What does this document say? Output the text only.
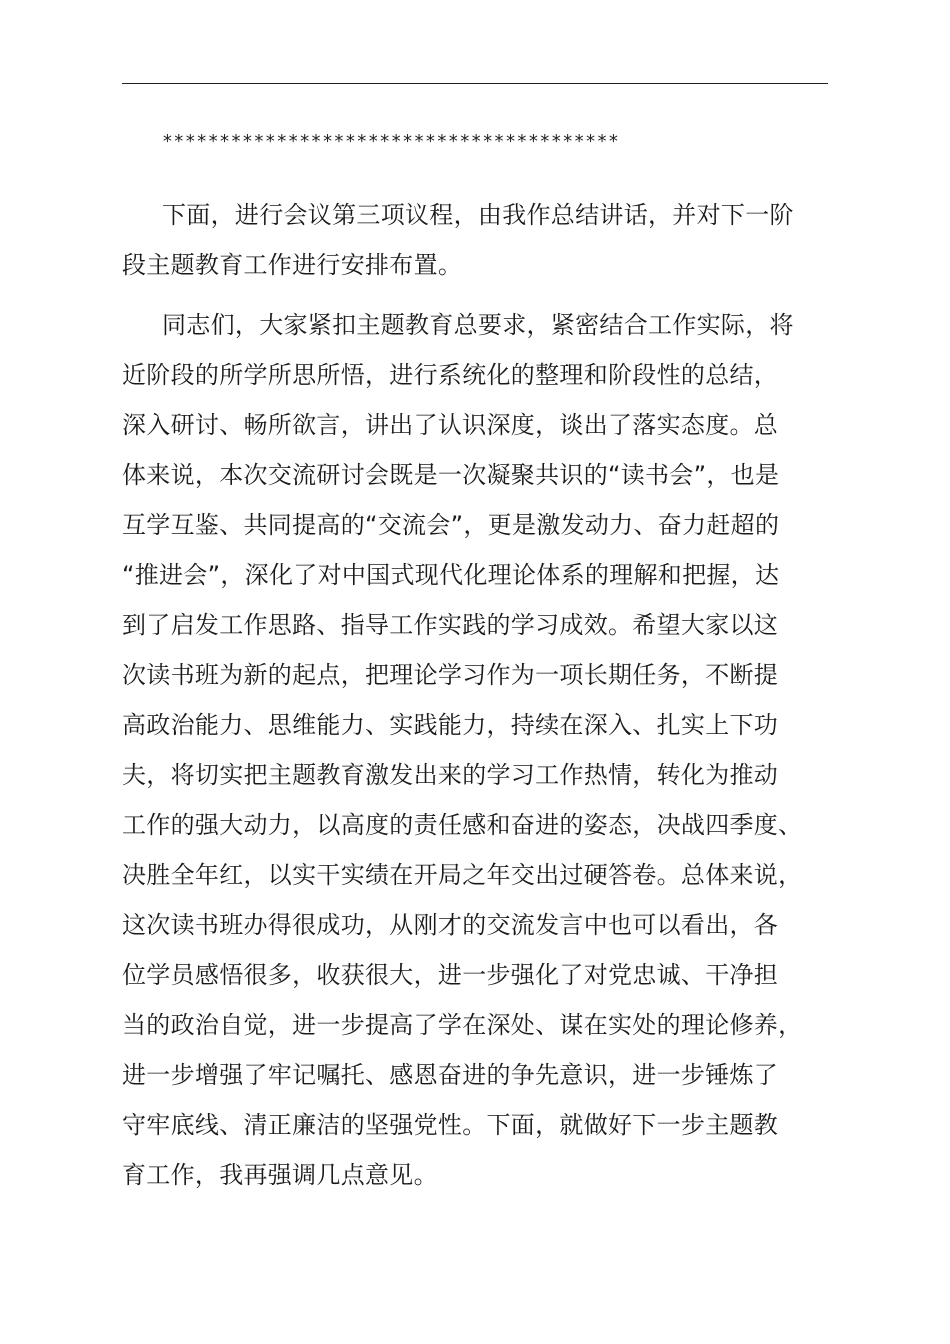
****************************************
下面，进行会议第三项议程，由我作总结讲话，并对下一阶
段主题教育工作进行安排布置。
同志们，大家紧扣主题教育总要求，紧密结合工作实际，将
近阶段的所学所思所悟，进行系统化的整理和阶段性的总结，
深入研讨、畅所欲言，讲出了认识深度，谈出了落实态度。总
体来说，本次交流研讨会既是一次凝聚共识的“读书会”，也是
互学互鉴、共同提高的“交流会”，更是激发动力、奋力赶超的
“推进会”，深化了对中国式现代化理论体系的理解和把握，达
到了启发工作思路、指导工作实践的学习成效。希望大家以这
次读书班为新的起点，把理论学习作为一项长期任务，不断提
高政治能力、思维能力、实践能力，持续在深入、扎实上下功
夫，将切实把主题教育激发出来的学习工作热情，转化为推动
工作的强大动力，以高度的责任感和奋进的姿态，决战四季度、
决胜全年红，以实干实绩在开局之年交出过硬答卷。总体来说，
这次读书班办得很成功，从刚才的交流发言中也可以看出，各
位学员感悟很多，收获很大，进一步强化了对党忠诚、干净担
当的政治自觉，进一步提高了学在深处、谋在实处的理论修养，
进一步增强了牢记嘱托、感恩奋进的争先意识，进一步锤炼了
守牢底线、清正廉洁的坚强党性。下面，就做好下一步主题教
育工作，我再强调几点意见。
